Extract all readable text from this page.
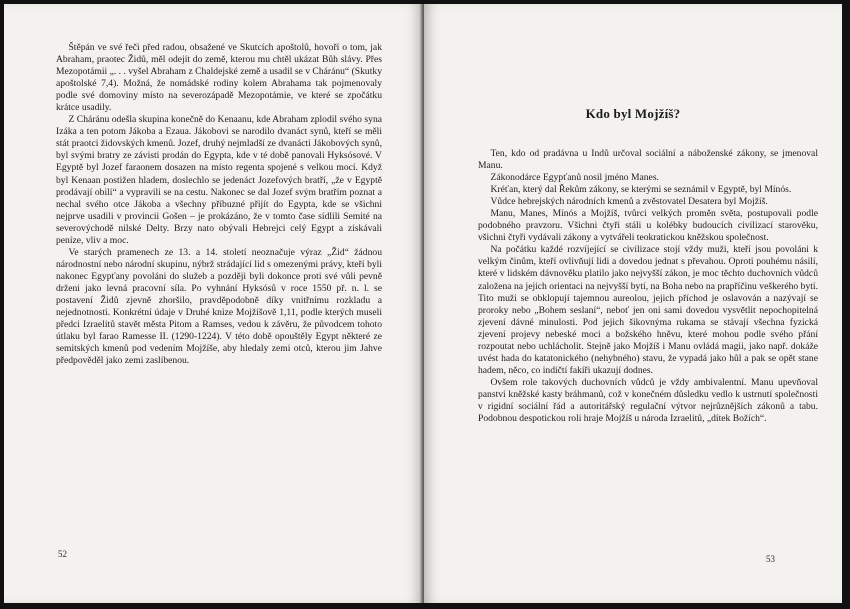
Štěpán ve své řeči před radou, obsažené ve Skutcích apoštolů, hovoří o tom, jak Abraham, praotec Židů, měl odejít do země, kterou mu chtěl ukázat Bůh slávy. Přes Mezopotámii „. . . vyšel Abraham z Chaldejské země a usadil se v Cháránu“ (Skutky apoštolské 7,4). Možná, že nomádské rodiny kolem Abrahama tak pojmenovaly podle své domoviny místo na severozápadě Mezopotámie, ve které se zpočátku krátce usadily.

Z Cháránu odešla skupina konečně do Kenaanu, kde Abraham zplodil svého syna Izáka a ten potom Jákoba a Ezaua. Jákobovi se narodilo dvanáct synů, kteří se měli stát praotci židovských kmenů. Jozef, druhý nejmladší ze dvanácti Jákobových synů, byl svými bratry ze závisti prodán do Egypta, kde v té době panovali Hyksósové. V Egyptě byl Jozef faraonem dosazen na místo regenta spojené s velkou mocí. Když byl Kenaan postižen hladem, doslechlo se jedenáct Jozefových bratří, „že v Egyptě prodávají obilí“ a vypravili se na cestu. Nakonec se dal Jozef svým bratřím poznat a nechal svého otce Jákoba a všechny příbuzné přijít do Egypta, kde se všichni nejprve usadili v provincii Gošen – je prokázáno, že v tomto čase sídlili Semité na severovýchodě nilské Delty. Brzy nato obývali Hebrejci celý Egypt a získávali peníze, vliv a moc.

Ve starých pramenech ze 13. a 14. století neoznačuje výraz „Žid“ žádnou národnostní nebo národní skupinu, nýbrž strádající lid s omezenými právy, kteří byli nakonec Egypťany povoláni do služeb a později byli dokonce proti své vůli pevně drženi jako levná pracovní síla. Po vyhnání Hyksósů v roce 1550 př. n. l. se postavení Židů zjevně zhoršilo, pravděpodobně díky vnitřnímu rozkladu a nejednotnosti. Konkrétní údaje v Druhé knize Mojžíšově 1,11, podle kterých museli předci Izraelitů stavět města Pitom a Ramses, vedou k závěru, že původcem tohoto útlaku byl farao Ramesse II. (1290-1224). V této době opouštěly Egypt některé ze semitských kmenů pod vedením Mojžíše, aby hledaly zemi otců, kterou jim Jahve předpověděl jako zemi zaslíbenou.

52
Kdo byl Mojžíš?

Ten, kdo od pradávna u Indů určoval sociální a náboženské zákony, se jmenoval Manu.

Zákonodárce Egypťanů nosil jméno Manes.

Kréťan, který dal Řekům zákony, se kterými se seznámil v Egyptě, byl Mínós.

Vůdce hebrejských národních kmenů a zvěstovatel Desatera byl Mojžíš.

Manu, Manes, Mínós a Mojžíš, tvůrci velkých proměn světa, postupovali podle podobného pravzoru. Všichni čtyři stáli u kolébky budoucích civilizací starověku, všichni čtyři vydávali zákony a vytvářeli teokratickou kněžskou společnost.

Na počátku každé rozvíjející se civilizace stojí vždy muži, kteří jsou povoláni k velkým činům, kteří ovlivňují lidi a dovedou jednat s převahou. Oproti pouhému násilí, které v lidském dávnověku platilo jako nejvyšší zákon, je moc těchto duchovních vůdců založena na jejich orientaci na nejvyšší bytí, na Boha nebo na prapříčinu veškerého bytí. Tito muži se obklopují tajemnou aureolou, jejich příchod je oslavován a nazývají se proroky nebo „Bohem seslaní“, neboť jen oni sami dovedou vysvětlit nepochopitelná zjevení dávné minulosti. Pod jejich šikovnýma rukama se stávají všechna fyzická zjevení projevy nebeské moci a božského hněvu, které mohou podle svého přání rozpoutat nebo uchlácholit. Stejně jako Mojžíš i Manu ovládá magii, jako např. dokáže uvést hada do katatonického (nehybného) stavu, že vypadá jako hůl a pak se opět stane hadem, něco, co indičtí fakíři ukazují dodnes.

Ovšem role takových duchovních vůdců je vždy ambivalentní. Manu upevňoval panství kněžské kasty bráhmanů, což v konečném důsledku vedlo k ustrnutí společnosti v rigidní sociální řád a autoritářský regulační výtvor nejrůznějších zákonů a tabu. Podobnou despotickou roli hraje Mojžíš u národa Izraelitů, „dítek Božích“.

53
